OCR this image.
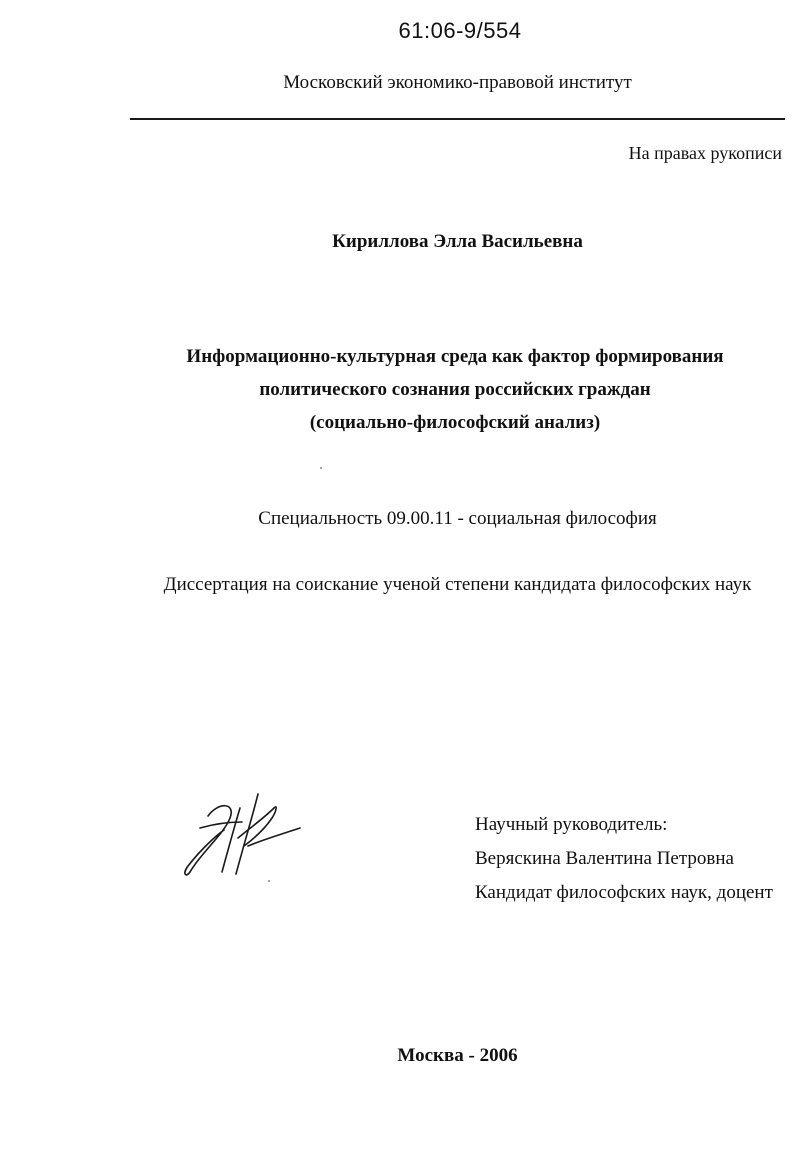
61:06-9/554
Московский экономико-правовой институт
На правах рукописи
Кириллова Элла Васильевна
Информационно-культурная среда как фактор формирования
политического сознания российских граждан
(социально-философский анализ)
Специальность 09.00.11 - социальная философия
Диссертация на соискание ученой степени кандидата философских наук
Научный руководитель:
Веряскина Валентина Петровна
Кандидат философских наук, доцент
Москва - 2006
